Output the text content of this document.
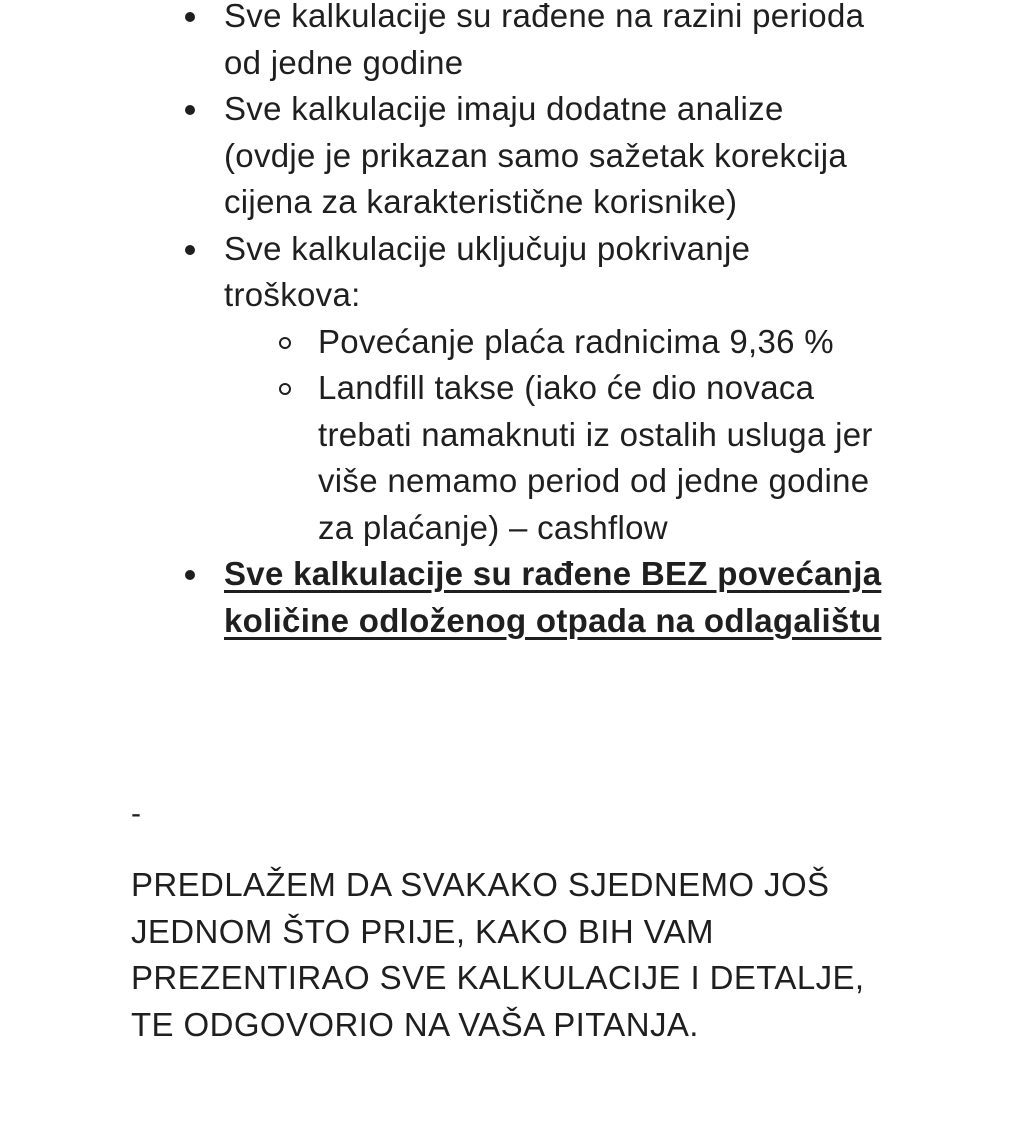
Sve kalkulacije su rađene na razini perioda od jedne godine
Sve kalkulacije imaju dodatne analize (ovdje je prikazan samo sažetak korekcija cijena za karakteristične korisnike)
Sve kalkulacije uključuju pokrivanje troškova:
Povećanje plaća radnicima 9,36 %
Landfill takse (iako će dio novaca trebati namaknuti iz ostalih usluga jer više nemamo period od jedne godine za plaćanje) – cashflow
Sve kalkulacije su rađene BEZ povećanja količine odloženog otpada na odlagalištu
-

PREDLAŽEM DA SVAKAKO SJEDNEMO JOŠ JEDNOM ŠTO PRIJE, KAKO BIH VAM PREZENTIRAO SVE KALKULACIJE I DETALJE, TE ODGOVORIO NA VAŠA PITANJA.
